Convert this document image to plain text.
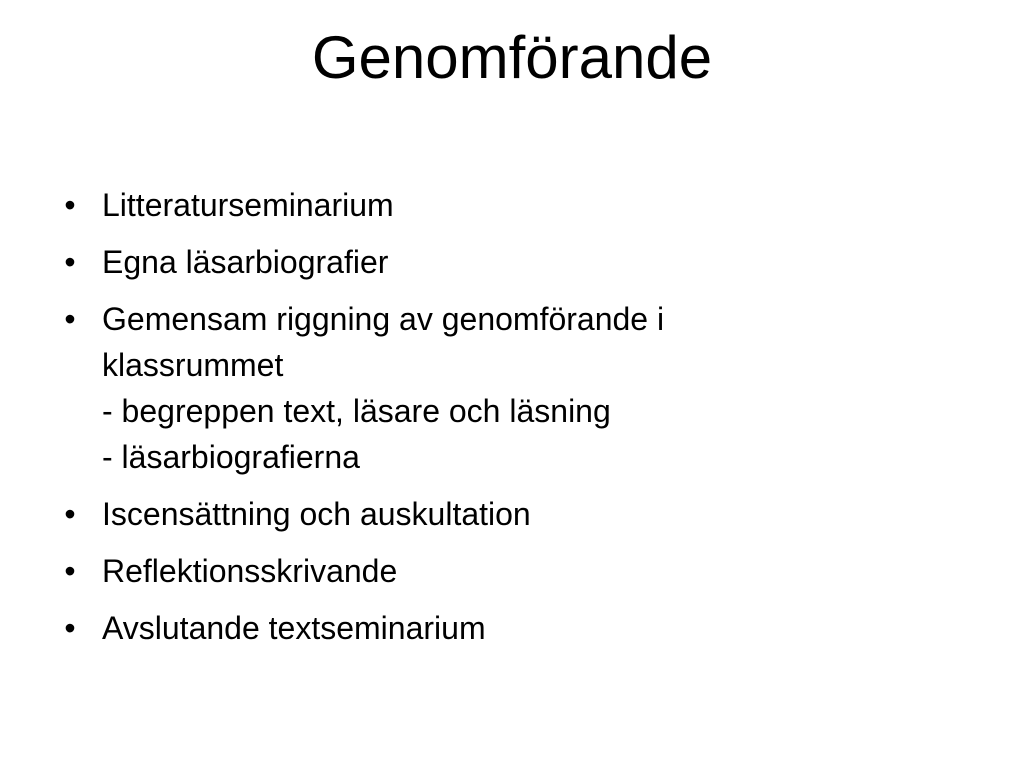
Genomförande
• Litteraturseminarium
• Egna läsarbiografier
• Gemensam riggning av genomförande i
klassrummet
- begreppen text, läsare och läsning
- läsarbiografierna
• Iscensättning och auskultation
• Reflektionsskrivande
• Avslutande textseminarium
